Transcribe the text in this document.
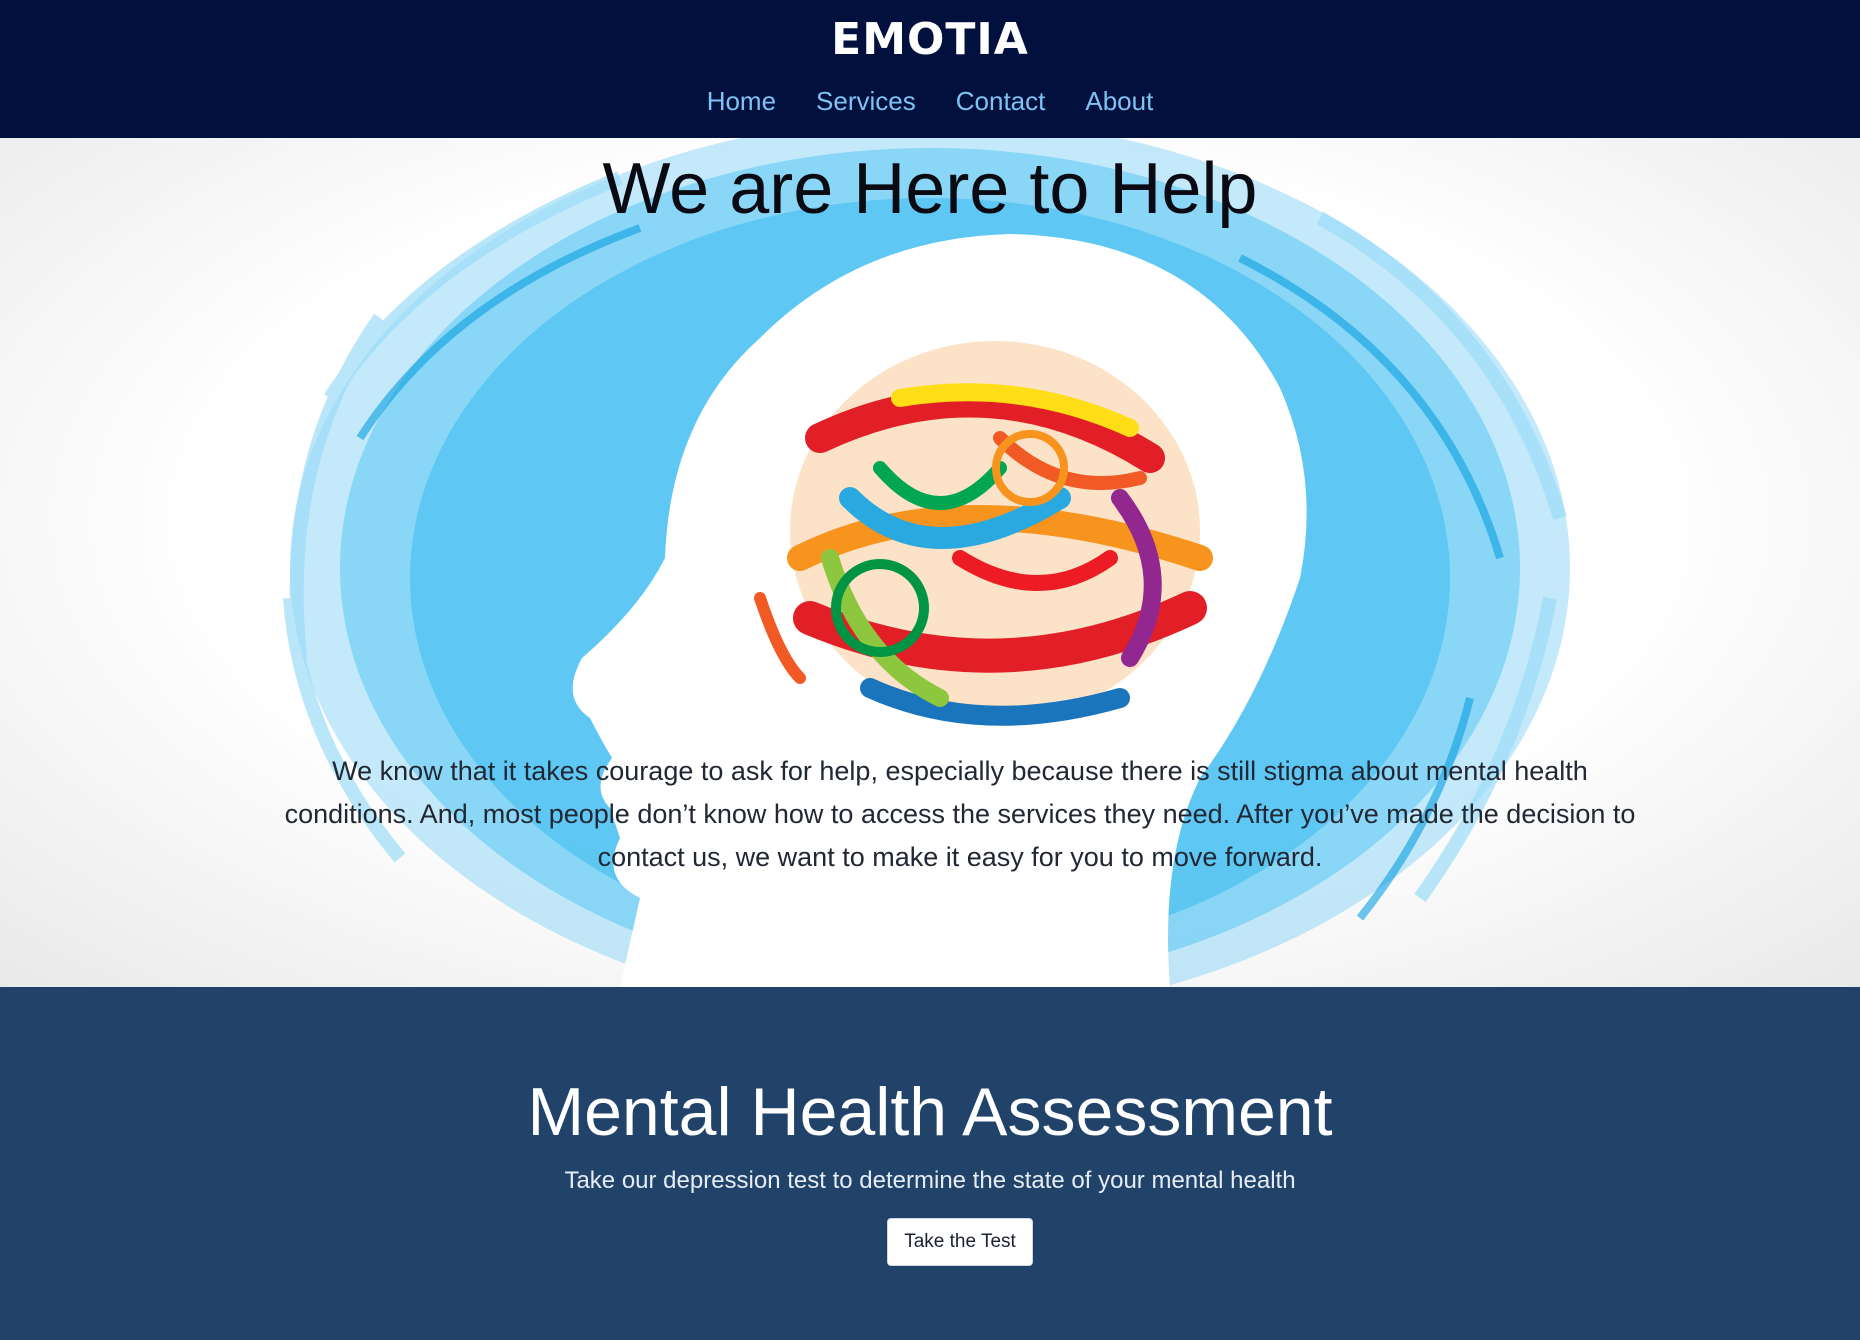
EMOTIA
Home Services Contact About
We are Here to Help

We know that it takes courage to ask for help, especially because there is still stigma about mental health conditions. And, most people don’t know how to access the services they need. After you’ve made the decision to contact us, we want to make it easy for you to move forward.

Mental Health Assessment

Take our depression test to determine the state of your mental health

Take the Test
